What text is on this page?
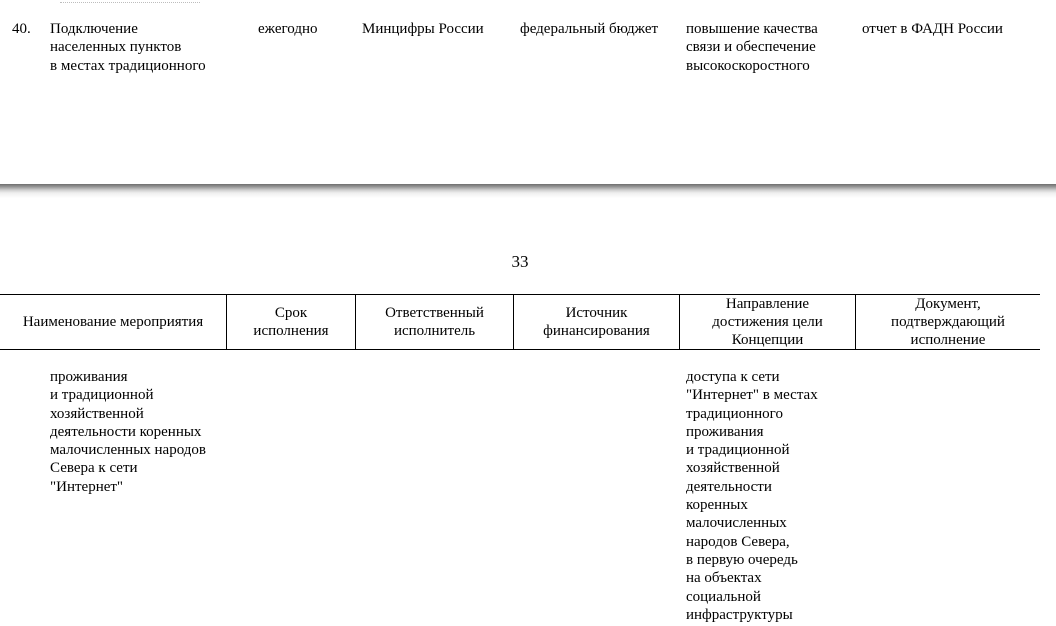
40. Подключение
населенных пунктов
в местах традиционного
ежегодно	Минцифры России федеральный бюджет повышение качества
связи и обеспечение
высокоскоростного
отчет в ФАДН России
33
Наименование мероприятия
Срок
исполнения
Ответственный
исполнитель
Источник
финансирования
Направление
достижения цели
Концепции
Документ,
подтверждающий
исполнение
проживания
и традиционной
хозяйственной
деятельности коренных
малочисленных народов
Севера к сети
"Интернет"
доступа к сети
"Интернет" в местах
традиционного
проживания
и традиционной
хозяйственной
деятельности
коренных
малочисленных
народов Севера,
в первую очередь
на объектах
социальной
инфраструктуры
